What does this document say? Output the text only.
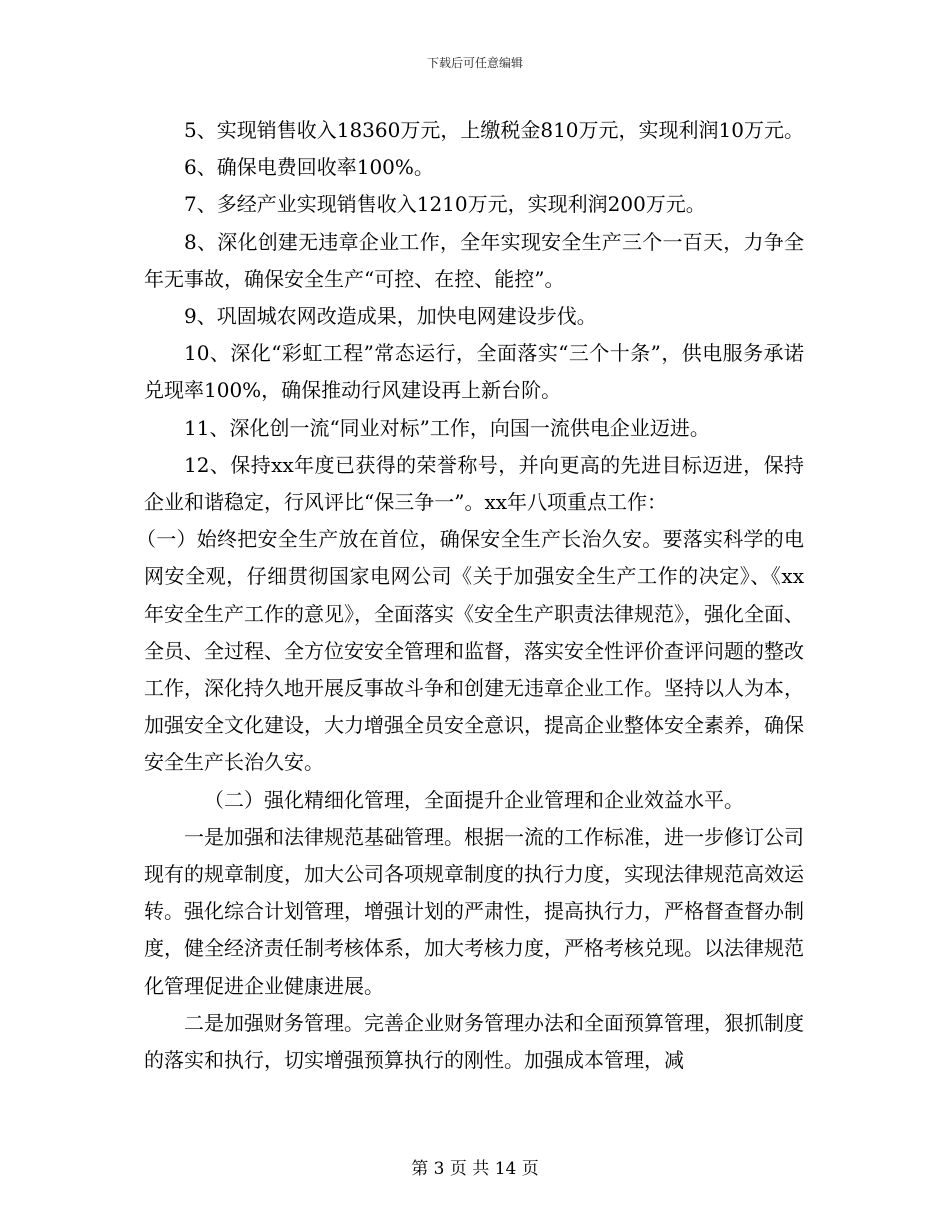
下载后可任意编辑

5、实现销售收入18360万元，上缴税金810万元，实现利润10万元。

6、确保电费回收率100%。

7、多经产业实现销售收入1210万元，实现利润200万元。

8、深化创建无违章企业工作，全年实现安全生产三个一百天，力争全年无事故，确保安全生产“可控、在控、能控”。

9、巩固城农网改造成果，加快电网建设步伐。

10、深化“彩虹工程”常态运行，全面落实“三个十条”，供电服务承诺兑现率100%，确保推动行风建设再上新台阶。

11、深化创一流“同业对标”工作，向国一流供电企业迈进。

12、保持xx年度已获得的荣誉称号，并向更高的先进目标迈进，保持企业和谐稳定，行风评比“保三争一”。xx年八项重点工作：

（一）始终把安全生产放在首位，确保安全生产长治久安。要落实科学的电网安全观，仔细贯彻国家电网公司《关于加强安全生产工作的决定》、《xx年安全生产工作的意见》，全面落实《安全生产职责法律规范》，强化全面、全员、全过程、全方位安安全管理和监督，落实安全性评价查评问题的整改工作，深化持久地开展反事故斗争和创建无违章企业工作。坚持以人为本，加强安全文化建设，大力增强全员安全意识，提高企业整体安全素养，确保安全生产长治久安。

（二）强化精细化管理，全面提升企业管理和企业效益水平。

一是加强和法律规范基础管理。根据一流的工作标准，进一步修订公司现有的规章制度，加大公司各项规章制度的执行力度，实现法律规范高效运转。强化综合计划管理，增强计划的严肃性，提高执行力，严格督查督办制度，健全经济责任制考核体系，加大考核力度，严格考核兑现。以法律规范化管理促进企业健康进展。

二是加强财务管理。完善企业财务管理办法和全面预算管理，狠抓制度的落实和执行，切实增强预算执行的刚性。加强成本管理，减

第 3 页 共 14 页
